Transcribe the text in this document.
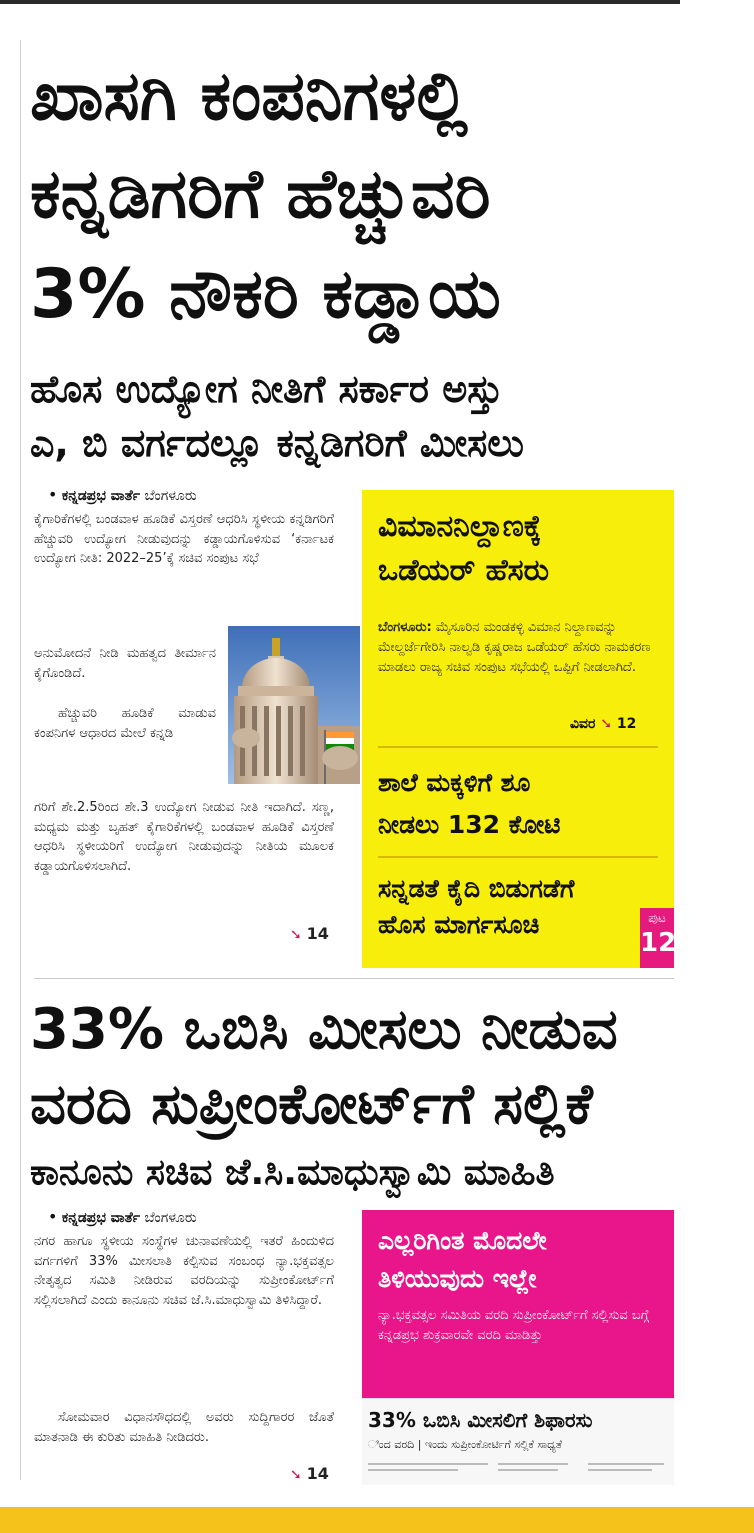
ಖಾಸಗಿ ಕಂಪನಿಗಳಲ್ಲಿ
ಕನ್ನಡಿಗರಿಗೆ ಹೆಚ್ಚುವರಿ
3% ನೌಕರಿ ಕಡ್ಡಾಯ
ಹೊಸ ಉದ್ಯೋಗ ನೀತಿಗೆ ಸರ್ಕಾರ ಅಸ್ತು
ಎ, ಬಿ ವರ್ಗದಲ್ಲೂ ಕನ್ನಡಿಗರಿಗೆ ಮೀಸಲು
• ಕನ್ನಡಪ್ರಭ ವಾರ್ತೆ ಬೆಂಗಳೂರು

ಕೈಗಾರಿಕೆಗಳಲ್ಲಿ ಬಂಡವಾಳ ಹೂಡಿಕೆ ವಿಸ್ತರಣೆ ಆಧರಿಸಿ ಸ್ಥಳೀಯ ಕನ್ನಡಿಗರಿಗೆ ಹೆಚ್ಚುವರಿ ಉದ್ಯೋಗ ನೀಡುವುದನ್ನು ಕಡ್ಡಾಯಗೊಳಿಸುವ ‘ಕರ್ನಾಟಕ ಉದ್ಯೋಗ ನೀತಿ: 2022–25’ಕ್ಕೆ ಸಚಿವ ಸಂಪುಟ ಸಭೆ

ಅನುಮೋದನೆ ನೀಡಿ ಮಹತ್ವದ ತೀರ್ಮಾನ ಕೈಗೊಂಡಿದೆ.

ಹೆಚ್ಚುವರಿ ಹೂಡಿಕೆ ಮಾಡುವ ಕಂಪನಿಗಳ ಆಧಾರದ ಮೇಲೆ ಕನ್ನಡಿ

ಗರಿಗೆ ಶೇ.2.5ರಿಂದ ಶೇ.3 ಉದ್ಯೋಗ ನೀಡುವ ನೀತಿ ಇದಾಗಿದೆ. ಸಣ್ಣ, ಮಧ್ಯಮ ಮತ್ತು ಬೃಹತ್ ಕೈಗಾರಿಕೆಗಳಲ್ಲಿ ಬಂಡವಾಳ ಹೂಡಿಕೆ ವಿಸ್ತರಣೆ ಆಧರಿಸಿ ಸ್ಥಳೀಯರಿಗೆ ಉದ್ಯೋಗ ನೀಡುವುದನ್ನು ನೀತಿಯ ಮೂಲಕ ಕಡ್ಡಾಯಗೊಳಿಸಲಾಗಿದೆ.

➘ 14
ವಿಮಾನನಿಲ್ದಾಣಕ್ಕೆ
ಒಡೆಯರ್ ಹೆಸರು

ಬೆಂಗಳೂರು: ಮೈಸೂರಿನ ಮಂಡಕಳ್ಳಿ ವಿಮಾನ ನಿಲ್ದಾಣವನ್ನು ಮೇಲ್ದರ್ಜೆಗೇರಿಸಿ ನಾಲ್ವಡಿ ಕೃಷ್ಣರಾಜ ಒಡೆಯರ್ ಹೆಸರು ನಾಮಕರಣ ಮಾಡಲು ರಾಜ್ಯ ಸಚಿವ ಸಂಪುಟ ಸಭೆಯಲ್ಲಿ ಒಪ್ಪಿಗೆ ನೀಡಲಾಗಿದೆ.

ವಿವರ ➘ 12
ಶಾಲೆ ಮಕ್ಕಳಿಗೆ ಶೂ
ನೀಡಲು 132 ಕೋಟಿ
ಸನ್ನಡತೆ ಕೈದಿ ಬಿಡುಗಡೆಗೆ
ಹೊಸ ಮಾರ್ಗಸೂಚಿ	ಪುಟ
12
33% ಒಬಿಸಿ ಮೀಸಲು ನೀಡುವ
ವರದಿ ಸುಪ್ರೀಂಕೋರ್ಟ್‌ಗೆ ಸಲ್ಲಿಕೆ
ಕಾನೂನು ಸಚಿವ ಜೆ.ಸಿ.ಮಾಧುಸ್ವಾಮಿ ಮಾಹಿತಿ
• ಕನ್ನಡಪ್ರಭ ವಾರ್ತೆ ಬೆಂಗಳೂರು

ನಗರ ಹಾಗೂ ಸ್ಥಳೀಯ ಸಂಸ್ಥೆಗಳ ಚುನಾವಣೆಯಲ್ಲಿ ಇತರೆ ಹಿಂದುಳಿದ ವರ್ಗಗಳಿಗೆ 33% ಮೀಸಲಾತಿ ಕಲ್ಪಿಸುವ ಸಂಬಂಧ ನ್ಯಾ.ಭಕ್ತವತ್ಸಲ ನೇತೃತ್ವದ ಸಮಿತಿ ನೀಡಿರುವ ವರದಿಯನ್ನು ಸುಪ್ರೀಂಕೋರ್ಟ್‌ಗೆ ಸಲ್ಲಿಸಲಾಗಿದೆ ಎಂದು ಕಾನೂನು ಸಚಿವ ಜೆ.ಸಿ.ಮಾಧುಸ್ವಾಮಿ ತಿಳಿಸಿದ್ದಾರೆ.

ಸೋಮವಾರ ವಿಧಾನಸೌಧದಲ್ಲಿ ಅವರು ಸುದ್ದಿಗಾರರ ಜೊತೆ ಮಾತನಾಡಿ ಈ ಕುರಿತು ಮಾಹಿತಿ ನೀಡಿದರು.

➘ 14
ಎಲ್ಲರಿಗಿಂತ ಮೊದಲೇ
ತಿಳಿಯುವುದು ಇಲ್ಲೇ

ನ್ಯಾ.ಭಕ್ತವತ್ಸಲ ಸಮಿತಿಯ ವರದಿ ಸುಪ್ರೀಂಕೋರ್ಟ್‌ಗೆ ಸಲ್ಲಿಸುವ ಬಗ್ಗೆ ಕನ್ನಡಪ್ರಭ ಶುಕ್ರವಾರವೇ ವರದಿ ಮಾಡಿತ್ತು

33% ಒಬಿಸಿ ಮೀಸಲಿಗೆ ಶಿಫಾರಸು
ಿಂದ ವರದಿ | ಇಂದು ಸುಪ್ರೀಂಕೋರ್ಟಿಗೆ ಸಲ್ಲಿಕೆ ಸಾಧ್ಯತೆ
